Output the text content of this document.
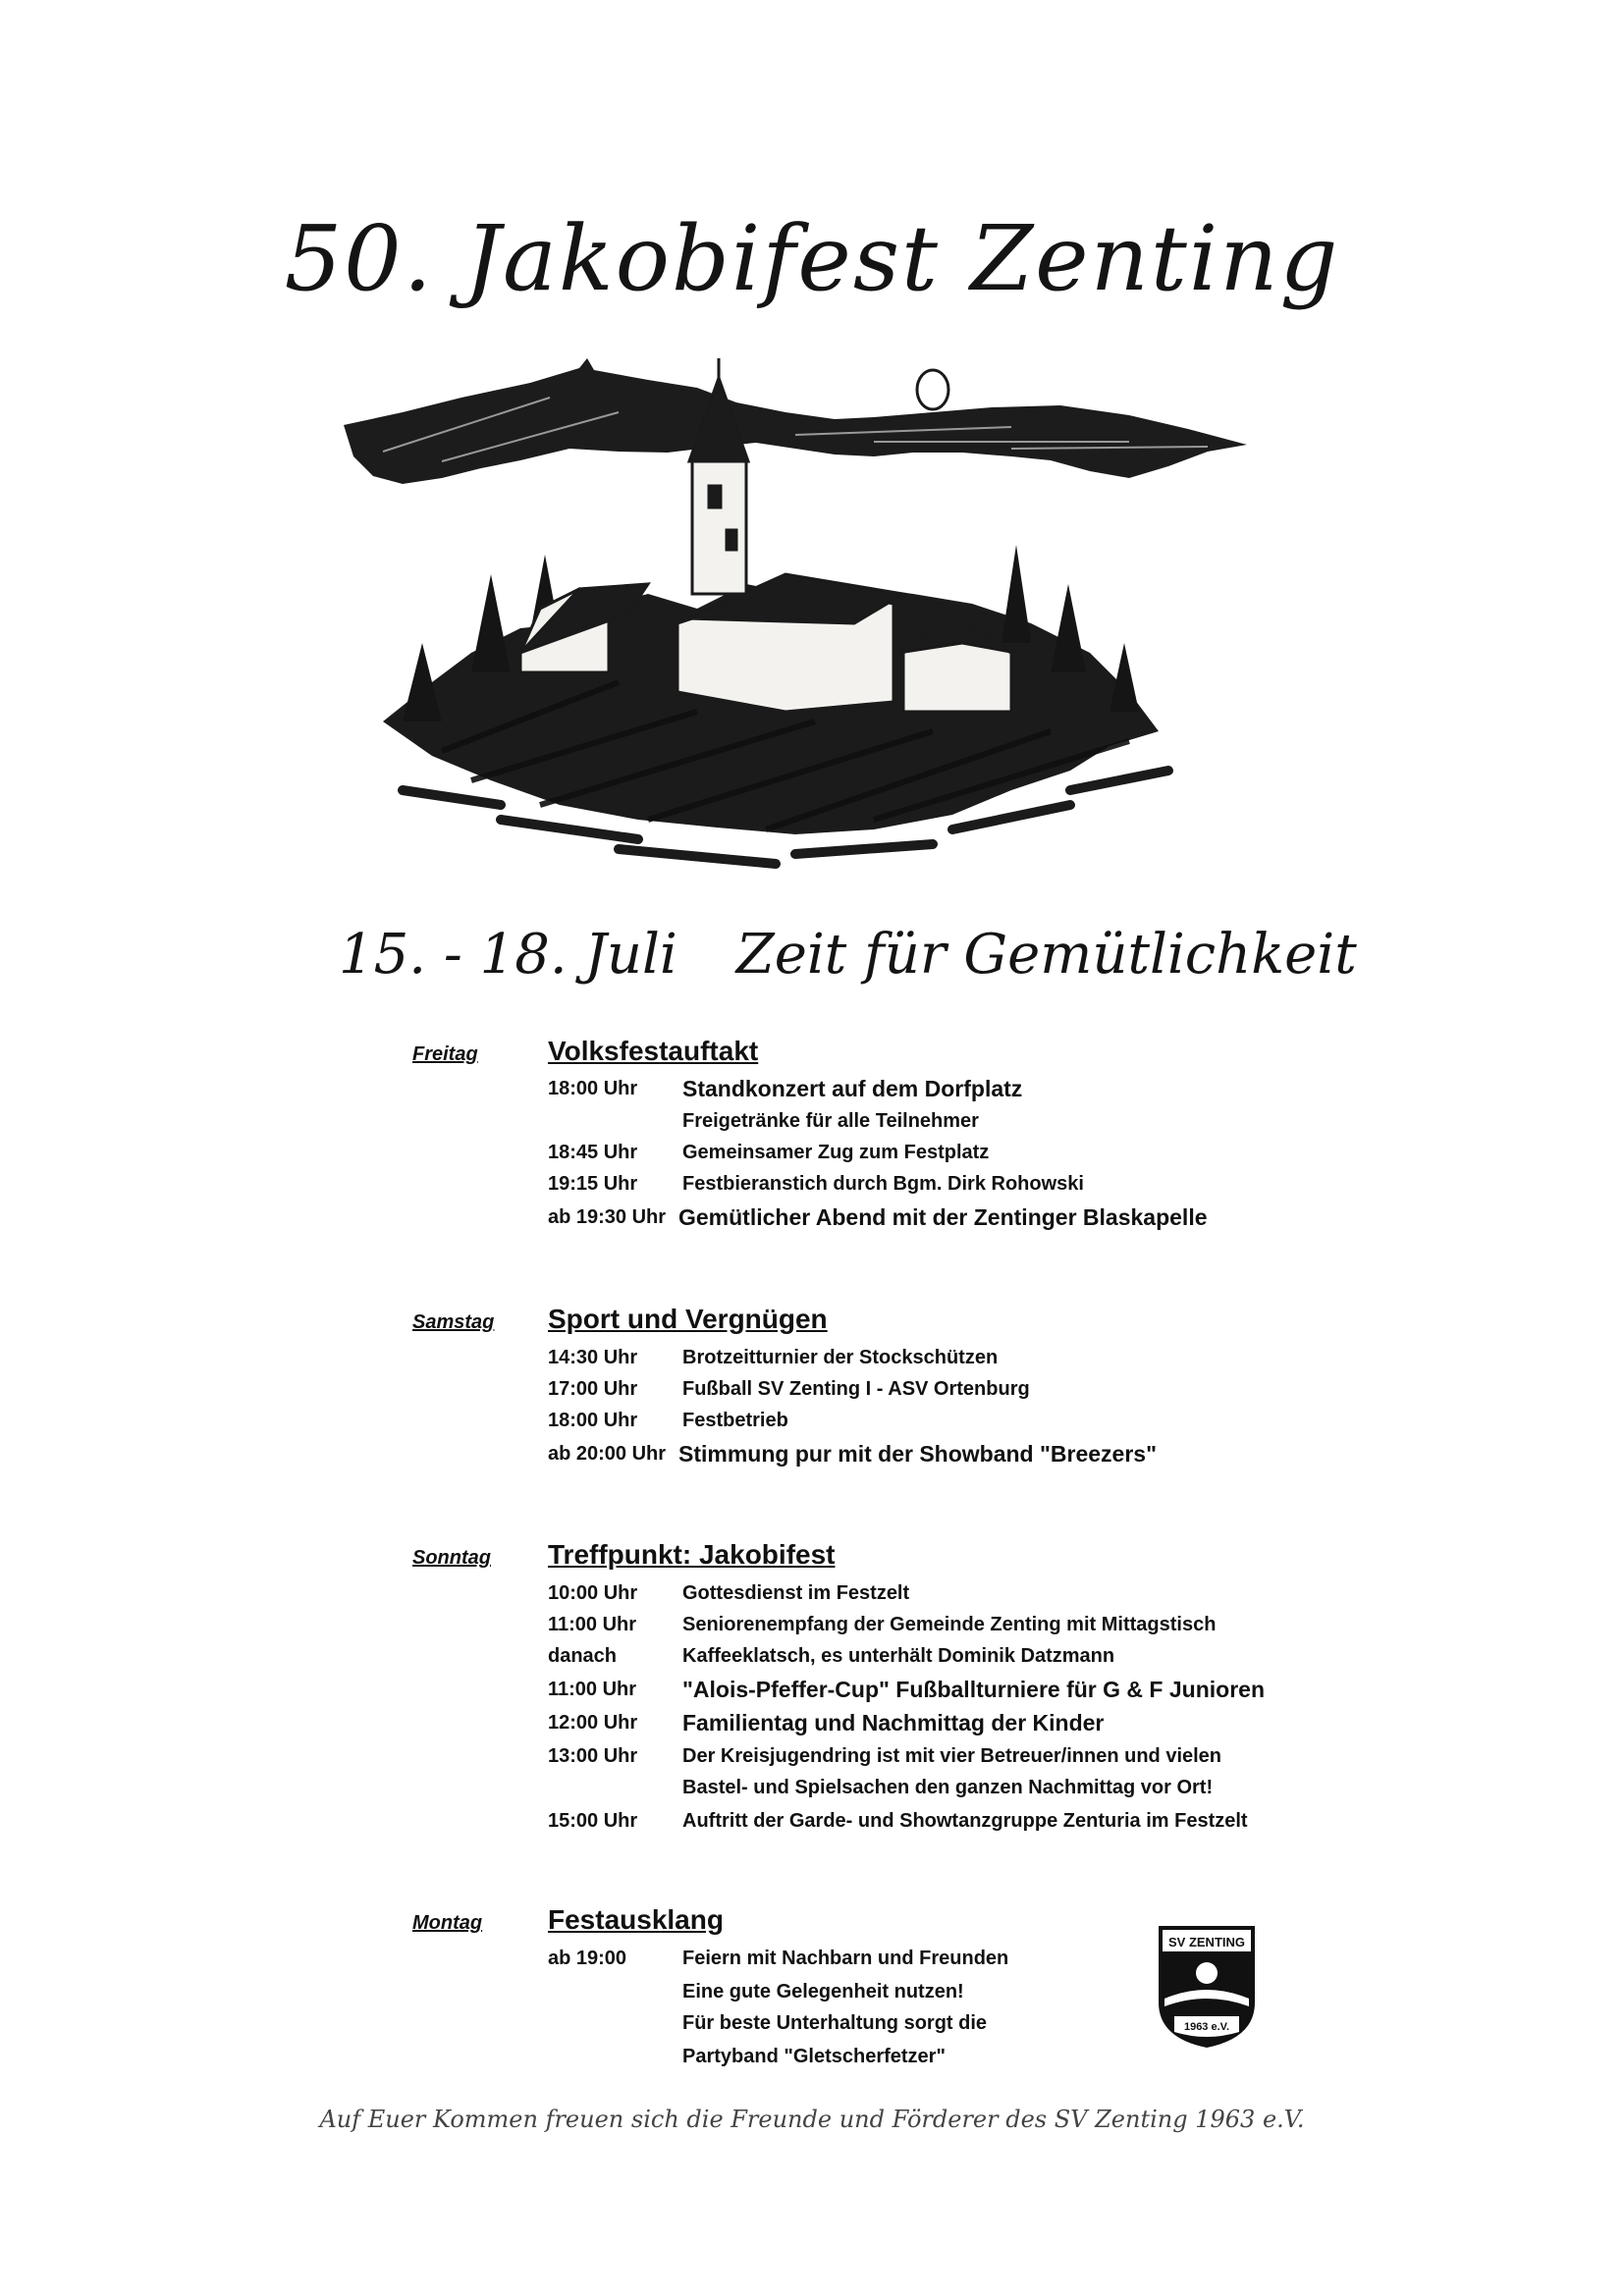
50. Jakobifest Zenting
15. - 18. Juli Zeit für Gemütlichkeit
Freitag	Volksfestauftakt
18:00 Uhr Standkonzert auf dem Dorfplatz
Freigetränke für alle Teilnehmer
18:45 Uhr Gemeinsamer Zug zum Festplatz
19:15 Uhr Festbieranstich durch Bgm. Dirk Rohowski
ab 19:30 Uhr Gemütlicher Abend mit der Zentinger Blaskapelle
Samstag Sport und Vergnügen
14:30 Uhr Brotzeitturnier der Stockschützen
17:00 Uhr Fußball SV Zenting I - ASV Ortenburg
18:00 Uhr Festbetrieb
ab 20:00 Uhr Stimmung pur mit der Showband "Breezers"
Sonntag Treffpunkt: Jakobifest
10:00 Uhr Gottesdienst im Festzelt
11:00 Uhr Seniorenempfang der Gemeinde Zenting mit Mittagstisch
danach	Kaffeeklatsch, es unterhält Dominik Datzmann
11:00 Uhr "Alois-Pfeffer-Cup" Fußballturniere für G & F Junioren
12:00 Uhr Familientag und Nachmittag der Kinder
13:00 Uhr Der Kreisjugendring ist mit vier Betreuer/innen und vielen
Bastel- und Spielsachen den ganzen Nachmittag vor Ort!
15:00 Uhr Auftritt der Garde- und Showtanzgruppe Zenturia im Festzelt
Montag Festausklang
ab 19:00	Feiern mit Nachbarn und Freunden
Eine gute Gelegenheit nutzen!
Für beste Unterhaltung sorgt die
Partyband "Gletscherfetzer"
SV ZENTING
1963 e.V.
Auf Euer Kommen freuen sich die Freunde und Förderer des SV Zenting 1963 e.V.
